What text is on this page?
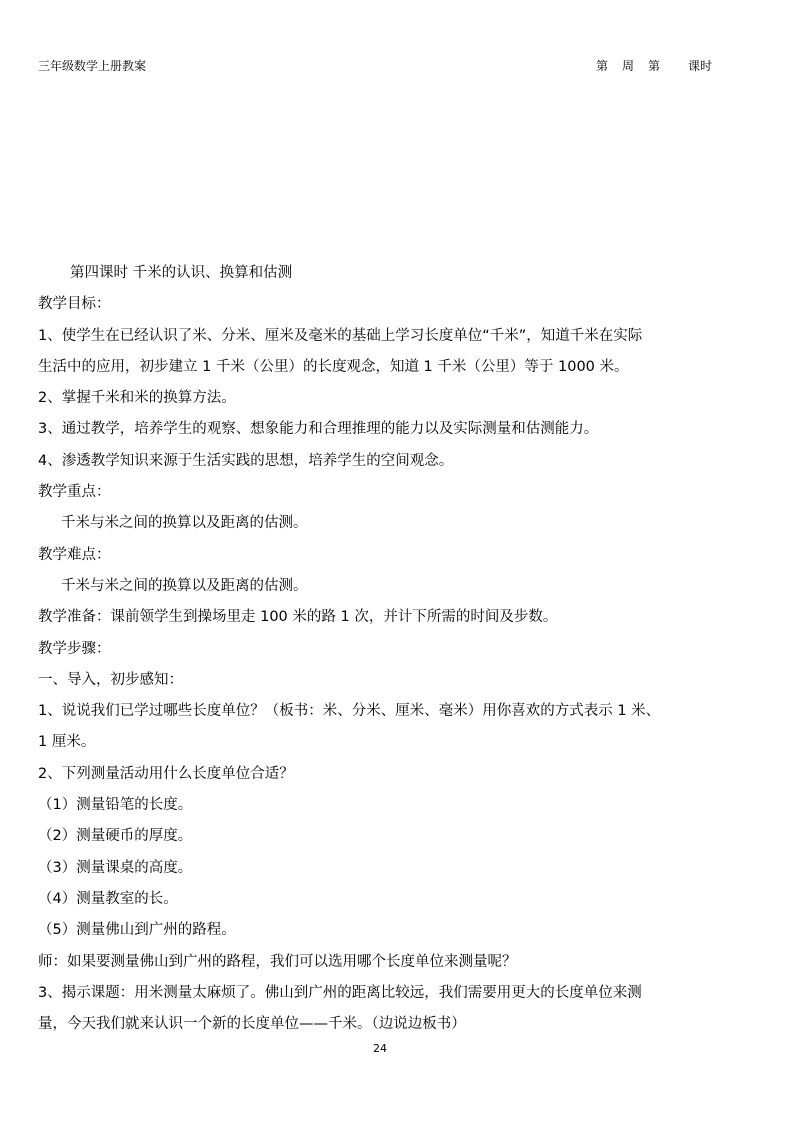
三年级数学上册教案	第 周 第 课时
第四课时 千米的认识、换算和估测
教学目标：
1、使学生在已经认识了米、分米、厘米及毫米的基础上学习长度单位“千米”，知道千米在实际
生活中的应用，初步建立 1 千米（公里）的长度观念，知道 1 千米（公里）等于 1000 米。
2、掌握千米和米的换算方法。
3、通过教学，培养学生的观察、想象能力和合理推理的能力以及实际测量和估测能力。
4、渗透教学知识来源于生活实践的思想，培养学生的空间观念。
教学重点：
千米与米之间的换算以及距离的估测。
教学难点：
千米与米之间的换算以及距离的估测。
教学准备：课前领学生到操场里走 100 米的路 1 次，并计下所需的时间及步数。
教学步骤：
一、导入，初步感知：
1、说说我们已学过哪些长度单位？（板书：米、分米、厘米、毫米）用你喜欢的方式表示 1 米、
1 厘米。
2、下列测量活动用什么长度单位合适？
（1）测量铅笔的长度。
（2）测量硬币的厚度。
（3）测量课桌的高度。
（4）测量教室的长。
（5）测量佛山到广州的路程。
师：如果要测量佛山到广州的路程，我们可以选用哪个长度单位来测量呢？
3、揭示课题：用米测量太麻烦了。佛山到广州的距离比较远，我们需要用更大的长度单位来测
量，今天我们就来认识一个新的长度单位——千米。（边说边板书）
24
